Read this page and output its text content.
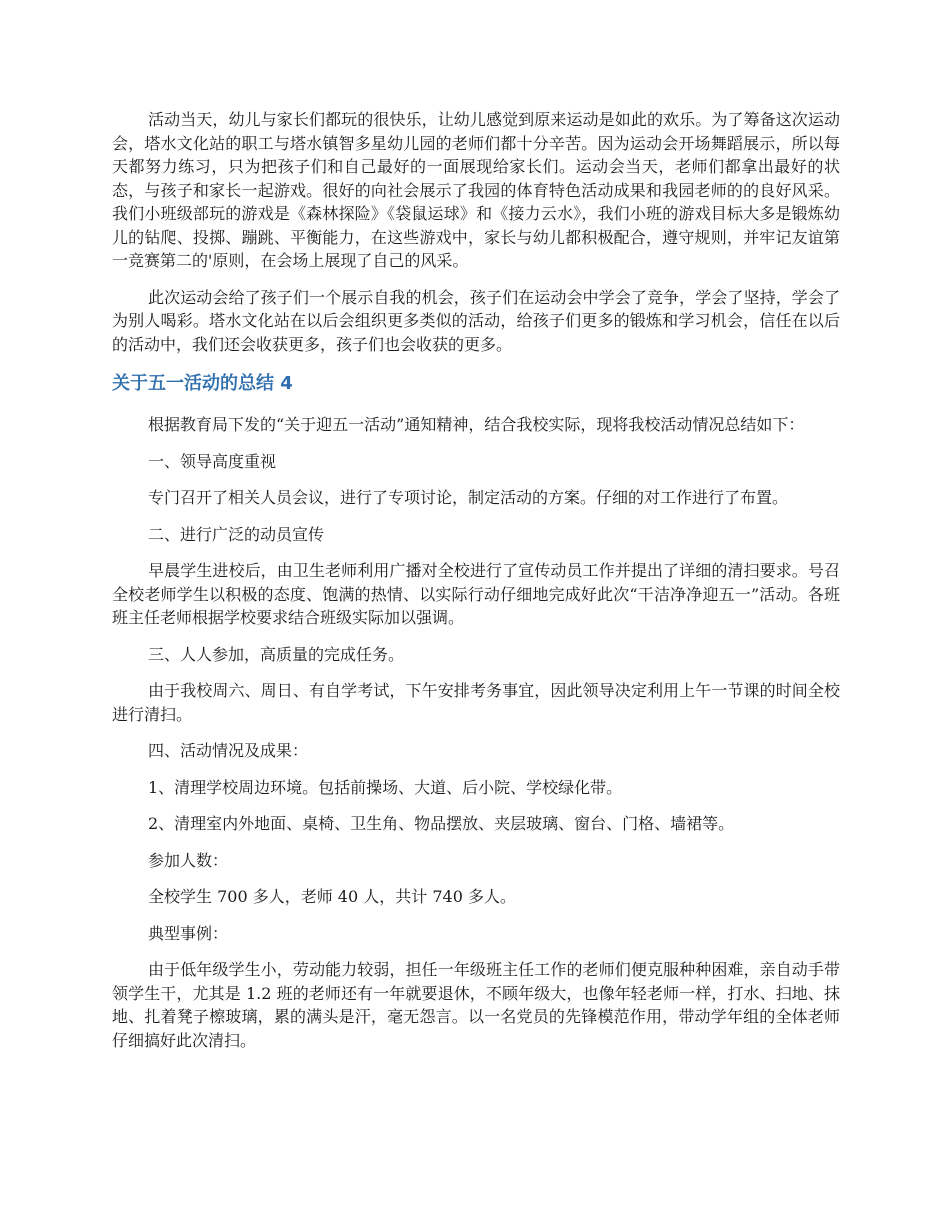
活动当天，幼儿与家长们都玩的很快乐，让幼儿感觉到原来运动是如此的欢乐。为了筹备这次运动会，塔水文化站的职工与塔水镇智多星幼儿园的老师们都十分辛苦。因为运动会开场舞蹈展示，所以每天都努力练习，只为把孩子们和自己最好的一面展现给家长们。运动会当天，老师们都拿出最好的状态，与孩子和家长一起游戏。很好的向社会展示了我园的体育特色活动成果和我园老师的的良好风采。我们小班级部玩的游戏是《森林探险》《袋鼠运球》和《接力云水》，我们小班的游戏目标大多是锻炼幼儿的钻爬、投掷、蹦跳、平衡能力，在这些游戏中，家长与幼儿都积极配合，遵守规则，并牢记友谊第一竞赛第二的'原则，在会场上展现了自己的风采。

此次运动会给了孩子们一个展示自我的机会，孩子们在运动会中学会了竞争，学会了坚持，学会了为别人喝彩。塔水文化站在以后会组织更多类似的活动，给孩子们更多的锻炼和学习机会，信任在以后的活动中，我们还会收获更多，孩子们也会收获的更多。

关于五一活动的总结 4

根据教育局下发的“关于迎五一活动”通知精神，结合我校实际，现将我校活动情况总结如下：

一、领导高度重视

专门召开了相关人员会议，进行了专项讨论，制定活动的方案。仔细的对工作进行了布置。

二、进行广泛的动员宣传

早晨学生进校后，由卫生老师利用广播对全校进行了宣传动员工作并提出了详细的清扫要求。号召全校老师学生以积极的态度、饱满的热情、以实际行动仔细地完成好此次“干洁净净迎五一”活动。各班班主任老师根据学校要求结合班级实际加以强调。

三、人人参加，高质量的完成任务。

由于我校周六、周日、有自学考试，下午安排考务事宜，因此领导决定利用上午一节课的时间全校进行清扫。

四、活动情况及成果：

1、清理学校周边环境。包括前操场、大道、后小院、学校绿化带。

2、清理室内外地面、桌椅、卫生角、物品摆放、夹层玻璃、窗台、门格、墙裙等。

参加人数：

全校学生 700 多人，老师 40 人，共计 740 多人。

典型事例：

由于低年级学生小，劳动能力较弱，担任一年级班主任工作的老师们便克服种种困难，亲自动手带领学生干，尤其是 1.2 班的老师还有一年就要退休，不顾年级大，也像年轻老师一样，打水、扫地、抹地、扎着凳子檫玻璃，累的满头是汗，毫无怨言。以一名党员的先锋模范作用，带动学年组的全体老师仔细搞好此次清扫。
